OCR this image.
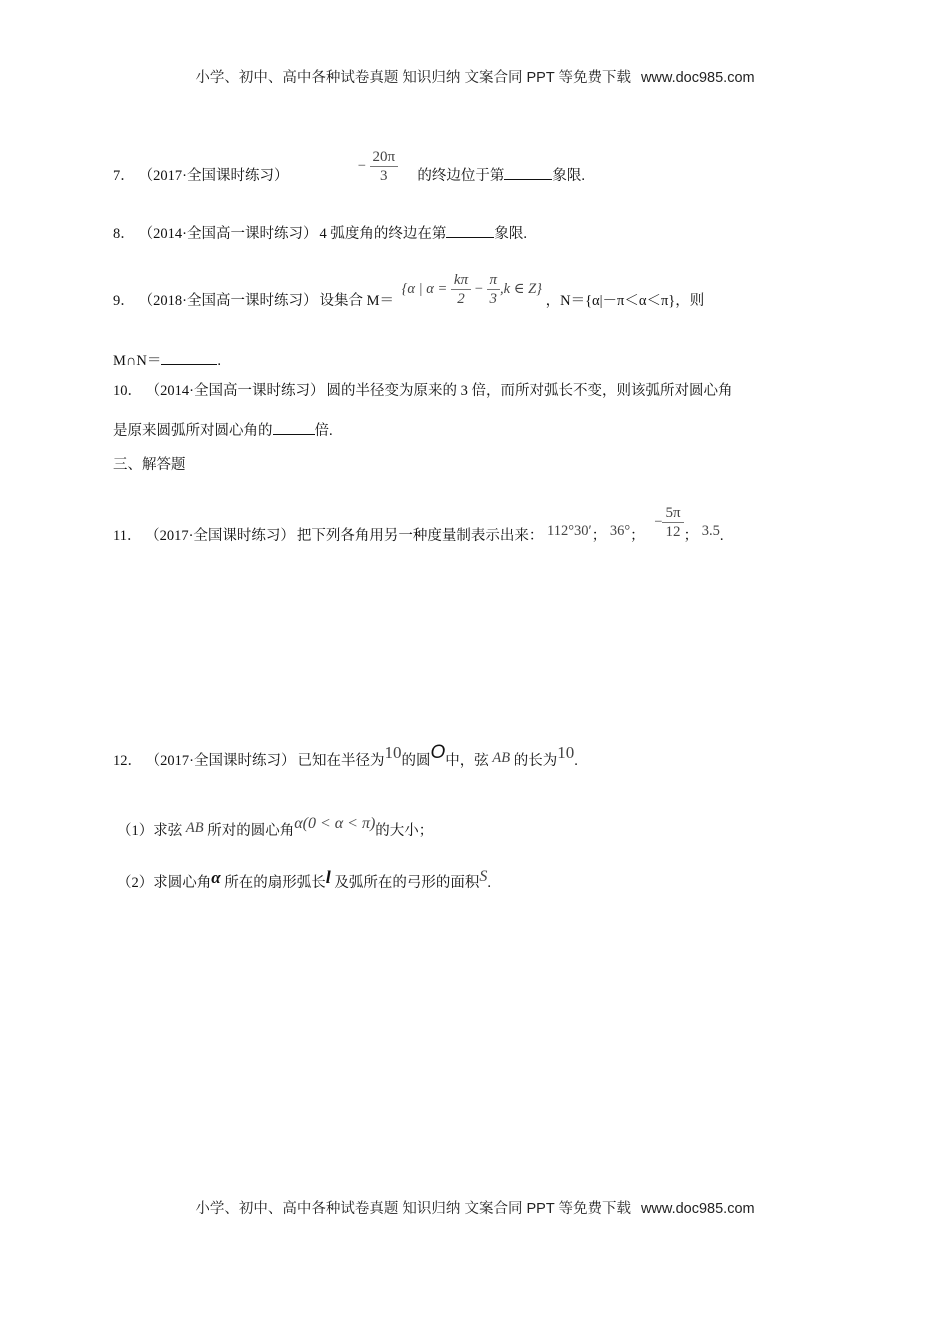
小学、初中、高中各种试卷真题 知识归纳 文案合同 PPT 等免费下载 www.doc985.com
7． （2017·全国课时练习）  − $\frac{20\pi}{3}$ 的终边位于第	象限.
8． （2014·全国高一课时练习） 4 弧度角的终边在第	象限.
9． （2018·全国高一课时练习） 设集合 M＝ {α | $\alpha = \frac{k\pi}{2} - \frac{\pi}{3} ,k$ ∈ Z} ，N＝{α|－π＜α＜π}，则
M∩N＝	.
10． （2014·全国高一课时练习） 圆的半径变为原来的 3 倍，而所对弧长不变，则该弧所对圆心角
是原来圆弧所对圆心角的	倍.
三、解答题
11． （2017·全国课时练习） 把下列各角用另一种度量制表示出来： 112°30′； 36°； − $\frac{5\pi}{12}$ ； 3.5.
12． （2017·全国课时练习） 已知在半径为10的圆O中，弦 AB 的长为10.
（1）求弦 AB 所对的圆心角α(0 < α < π)的大小；
（2）求圆心角α 所在的扇形弧长l 及弧所在的弓形的面积S.
小学、初中、高中各种试卷真题 知识归纳 文案合同 PPT 等免费下载 www.doc985.com
